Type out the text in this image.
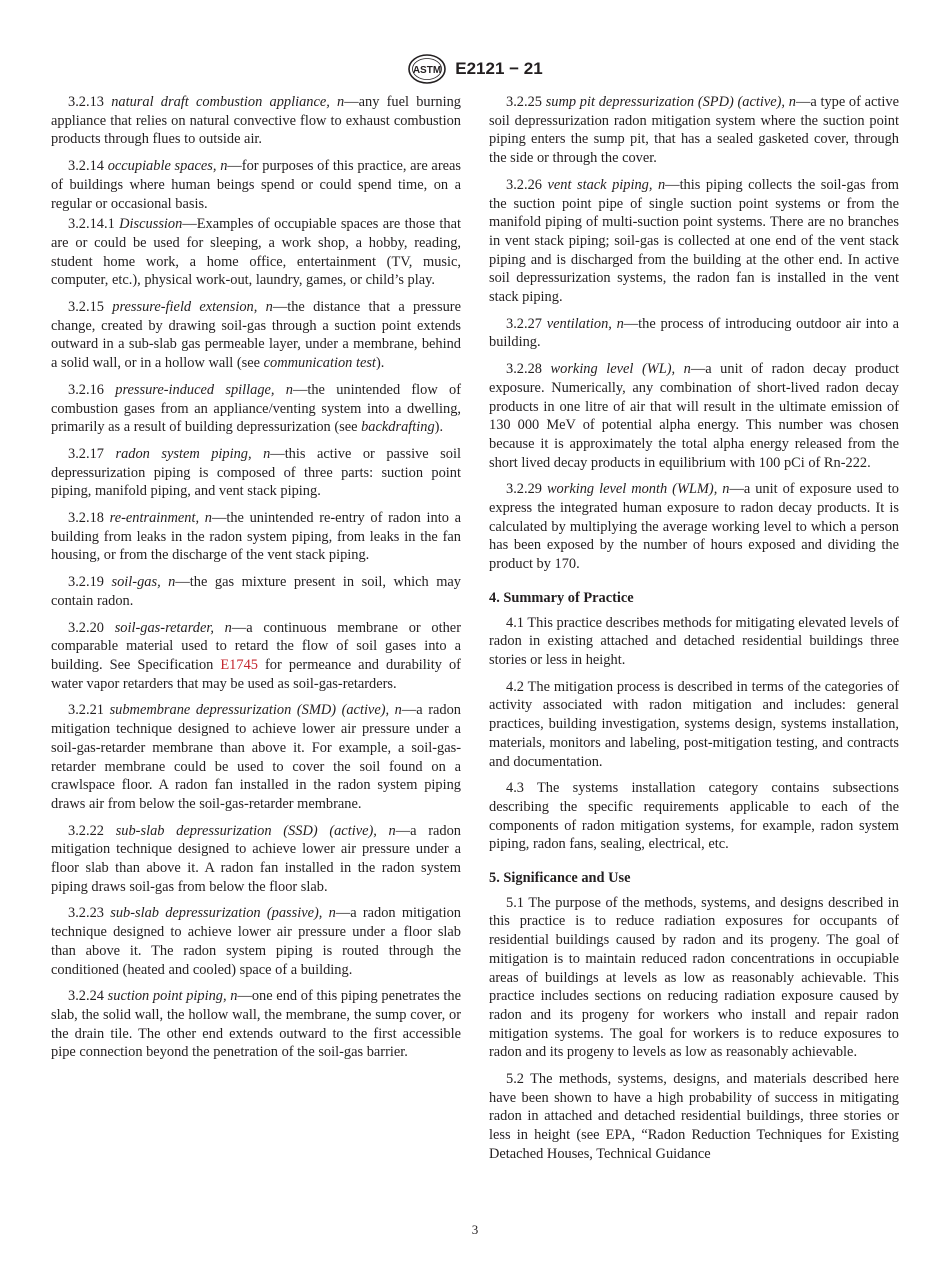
ASTM E2121 − 21

3.2.13 natural draft combustion appliance, n—any fuel burning appliance that relies on natural convective flow to exhaust combustion products through flues to outside air.

3.2.14 occupiable spaces, n—for purposes of this practice, are areas of buildings where human beings spend or could spend time, on a regular or occasional basis.

3.2.14.1 Discussion—Examples of occupiable spaces are those that are or could be used for sleeping, a work shop, a hobby, reading, student home work, a home office, entertainment (TV, music, computer, etc.), physical work-out, laundry, games, or child’s play.

3.2.15 pressure-field extension, n—the distance that a pressure change, created by drawing soil-gas through a suction point extends outward in a sub-slab gas permeable layer, under a membrane, behind a solid wall, or in a hollow wall (see communication test).

3.2.16 pressure-induced spillage, n—the unintended flow of combustion gases from an appliance/venting system into a dwelling, primarily as a result of building depressurization (see backdrafting).

3.2.17 radon system piping, n—this active or passive soil depressurization piping is composed of three parts: suction point piping, manifold piping, and vent stack piping.

3.2.18 re-entrainment, n—the unintended re-entry of radon into a building from leaks in the radon system piping, from leaks in the fan housing, or from the discharge of the vent stack piping.

3.2.19 soil-gas, n—the gas mixture present in soil, which may contain radon.

3.2.20 soil-gas-retarder, n—a continuous membrane or other comparable material used to retard the flow of soil gases into a building. See Specification E1745 for permeance and durability of water vapor retarders that may be used as soil-gas-retarders.

3.2.21 submembrane depressurization (SMD) (active), n—a radon mitigation technique designed to achieve lower air pressure under a soil-gas-retarder membrane than above it. For example, a soil-gas-retarder membrane could be used to cover the soil found on a crawlspace floor. A radon fan installed in the radon system piping draws air from below the soil-gas-retarder membrane.

3.2.22 sub-slab depressurization (SSD) (active), n—a radon mitigation technique designed to achieve lower air pressure under a floor slab than above it. A radon fan installed in the radon system piping draws soil-gas from below the floor slab.

3.2.23 sub-slab depressurization (passive), n—a radon mitigation technique designed to achieve lower air pressure under a floor slab than above it. The radon system piping is routed through the conditioned (heated and cooled) space of a building.

3.2.24 suction point piping, n—one end of this piping penetrates the slab, the solid wall, the hollow wall, the membrane, the sump cover, or the drain tile. The other end extends outward to the first accessible pipe connection beyond the penetration of the soil-gas barrier.

3.2.25 sump pit depressurization (SPD) (active), n—a type of active soil depressurization radon mitigation system where the suction point piping enters the sump pit, that has a sealed gasketed cover, through the side or through the cover.

3.2.26 vent stack piping, n—this piping collects the soil-gas from the suction point pipe of single suction point systems or from the manifold piping of multi-suction point systems. There are no branches in vent stack piping; soil-gas is collected at one end of the vent stack piping and is discharged from the building at the other end. In active soil depressurization systems, the radon fan is installed in the vent stack piping.

3.2.27 ventilation, n—the process of introducing outdoor air into a building.

3.2.28 working level (WL), n—a unit of radon decay product exposure. Numerically, any combination of short-lived radon decay products in one litre of air that will result in the ultimate emission of 130 000 MeV of potential alpha energy. This number was chosen because it is approximately the total alpha energy released from the short lived decay products in equilibrium with 100 pCi of Rn-222.

3.2.29 working level month (WLM), n—a unit of exposure used to express the integrated human exposure to radon decay products. It is calculated by multiplying the average working level to which a person has been exposed by the number of hours exposed and dividing the product by 170.

4. Summary of Practice

4.1 This practice describes methods for mitigating elevated levels of radon in existing attached and detached residential buildings three stories or less in height.

4.2 The mitigation process is described in terms of the categories of activity associated with radon mitigation and includes: general practices, building investigation, systems design, systems installation, materials, monitors and labeling, post-mitigation testing, and contracts and documentation.

4.3 The systems installation category contains subsections describing the specific requirements applicable to each of the components of radon mitigation systems, for example, radon system piping, radon fans, sealing, electrical, etc.

5. Significance and Use

5.1 The purpose of the methods, systems, and designs described in this practice is to reduce radiation exposures for occupants of residential buildings caused by radon and its progeny. The goal of mitigation is to maintain reduced radon concentrations in occupiable areas of buildings at levels as low as reasonably achievable. This practice includes sections on reducing radiation exposure caused by radon and its progeny for workers who install and repair radon mitigation systems. The goal for workers is to reduce exposures to radon and its progeny to levels as low as reasonably achievable.

5.2 The methods, systems, designs, and materials described here have been shown to have a high probability of success in mitigating radon in attached and detached residential buildings, three stories or less in height (see EPA, “Radon Reduction Techniques for Existing Detached Houses, Technical Guidance

3
